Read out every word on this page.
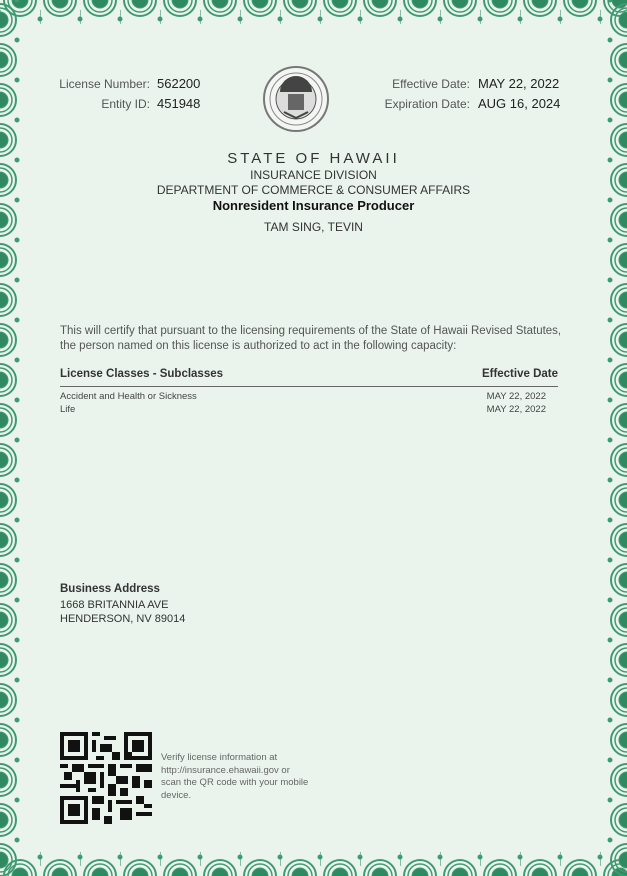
License Number: 562200
Entity ID: 451948
Effective Date: MAY 22, 2022
Expiration Date: AUG 16, 2024
STATE OF HAWAII
INSURANCE DIVISION
DEPARTMENT OF COMMERCE & CONSUMER AFFAIRS
Nonresident Insurance Producer
TAM SING, TEVIN
This will certify that pursuant to the licensing requirements of the State of Hawaii Revised Statutes, the person named on this license is authorized to act in the following capacity:
License Classes - Subclasses	Effective Date
Accident and Health or Sickness	MAY 22, 2022
Life	MAY 22, 2022
Business Address
1668 BRITANNIA AVE
HENDERSON, NV 89014
Verify license information at http://insurance.ehawaii.gov or scan the QR code with your mobile device.
